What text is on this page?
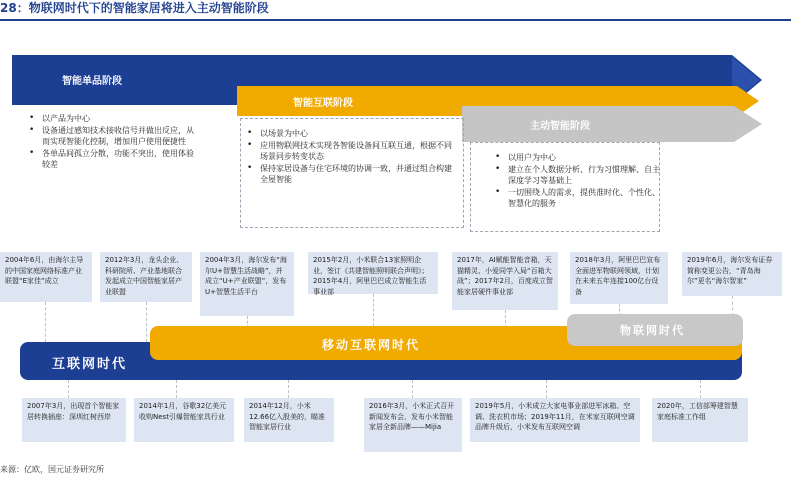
28：物联网时代下的智能家居将进入主动智能阶段
智能单品阶段
智能互联阶段
主动智能阶段
• 以产品为中心
• 设备通过感知技术接收信号并做出反应，从而实现智能化控制，增加用户使用便捷性
• 各单品间孤立分散，功能不突出，使用体验较差
• 以场景为中心
• 应用物联网技术实现各智能设备间互联互通，根据不同场景同步转变状态
• 保持家居设备与住宅环境的协调一致，并通过组合构建全屋智能
• 以用户为中心
• 建立在个人数据分析、行为习惯理解、自主深度学习等基础上
• 一切围绕人的需求，提供准时化、个性化、智慧化的服务
2004年6月，由海尔主导的中国家庭网络标准产业联盟“E家佳”成立
2012年3月，龙头企业、科研院所、产业基地联合发起成立中国智能家居产业联盟
2004年3月，海尔发布“海尔U+智慧生活战略”，并成立“U+产业联盟”，发布U+智慧生活平台
2015年2月，小米联合13家照明企业，签订《共建智能照明联合声明》；2015年4月，阿里巴巴成立智能生活事业部
2017年，AI赋能智能音箱，天猫精灵、小爱同学入局“百箱大战”；2017年2月，百度成立智能家居硬件事业部
2018年3月，阿里巴巴宣布全面进军物联网领域，计划在未来五年连接100亿台设备
2019年6月，海尔发布证券简称变更公告，“青岛海尔”更名“海尔智家”
互联网时代
移动互联网时代
物联网时代
2007年3月，出现首个智能家居转换插座：深圳红树西岸
2014年1月，谷歌32亿美元收购Nest引爆智能家具行业
2014年12月，小米12.66亿入股美的，瞄准智能家居行业
2016年3月，小米正式召开新闻发布会，发布小米智能家居全新品牌——Mijia
2019年5月，小米成立大家电事业部进军冰箱、空调、洗衣机市场；2019年11月，在米家互联网空调品牌升级后，小米发布互联网空调
2020年，工信部筹建智慧家庭标准工作组
来源：亿欧，国元证券研究所
